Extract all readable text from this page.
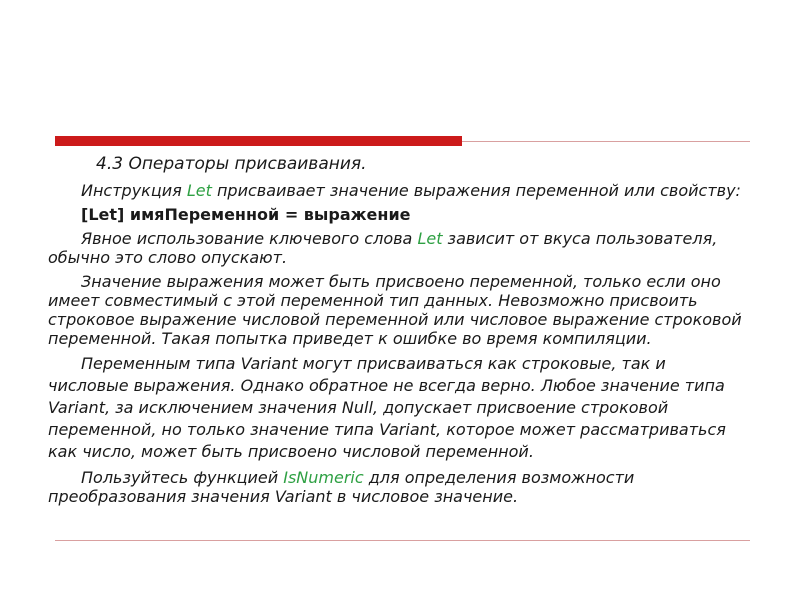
4.3 Операторы присваивания.

Инструкция Let присваивает значение выражения переменной или свойству:

[Let] имяПеременной = выражение

Явное использование ключевого слова Let зависит от вкуса пользователя, обычно это слово опускают.

Значение выражения может быть присвоено переменной, только если оно имеет совместимый с этой переменной тип данных. Невозможно присвоить строковое выражение числовой переменной или числовое выражение строковой переменной. Такая попытка приведет к ошибке во время компиляции.

Переменным типа Variant могут присваиваться как строковые, так и числовые выражения. Однако обратное не всегда верно. Любое значение типа Variant, за исключением значения Null, допускает присвоение строковой переменной, но только значение типа Variant, которое может рассматриваться как число, может быть присвоено числовой переменной.

Пользуйтесь функцией IsNumeric для определения возможности преобразования значения Variant в числовое значение.
